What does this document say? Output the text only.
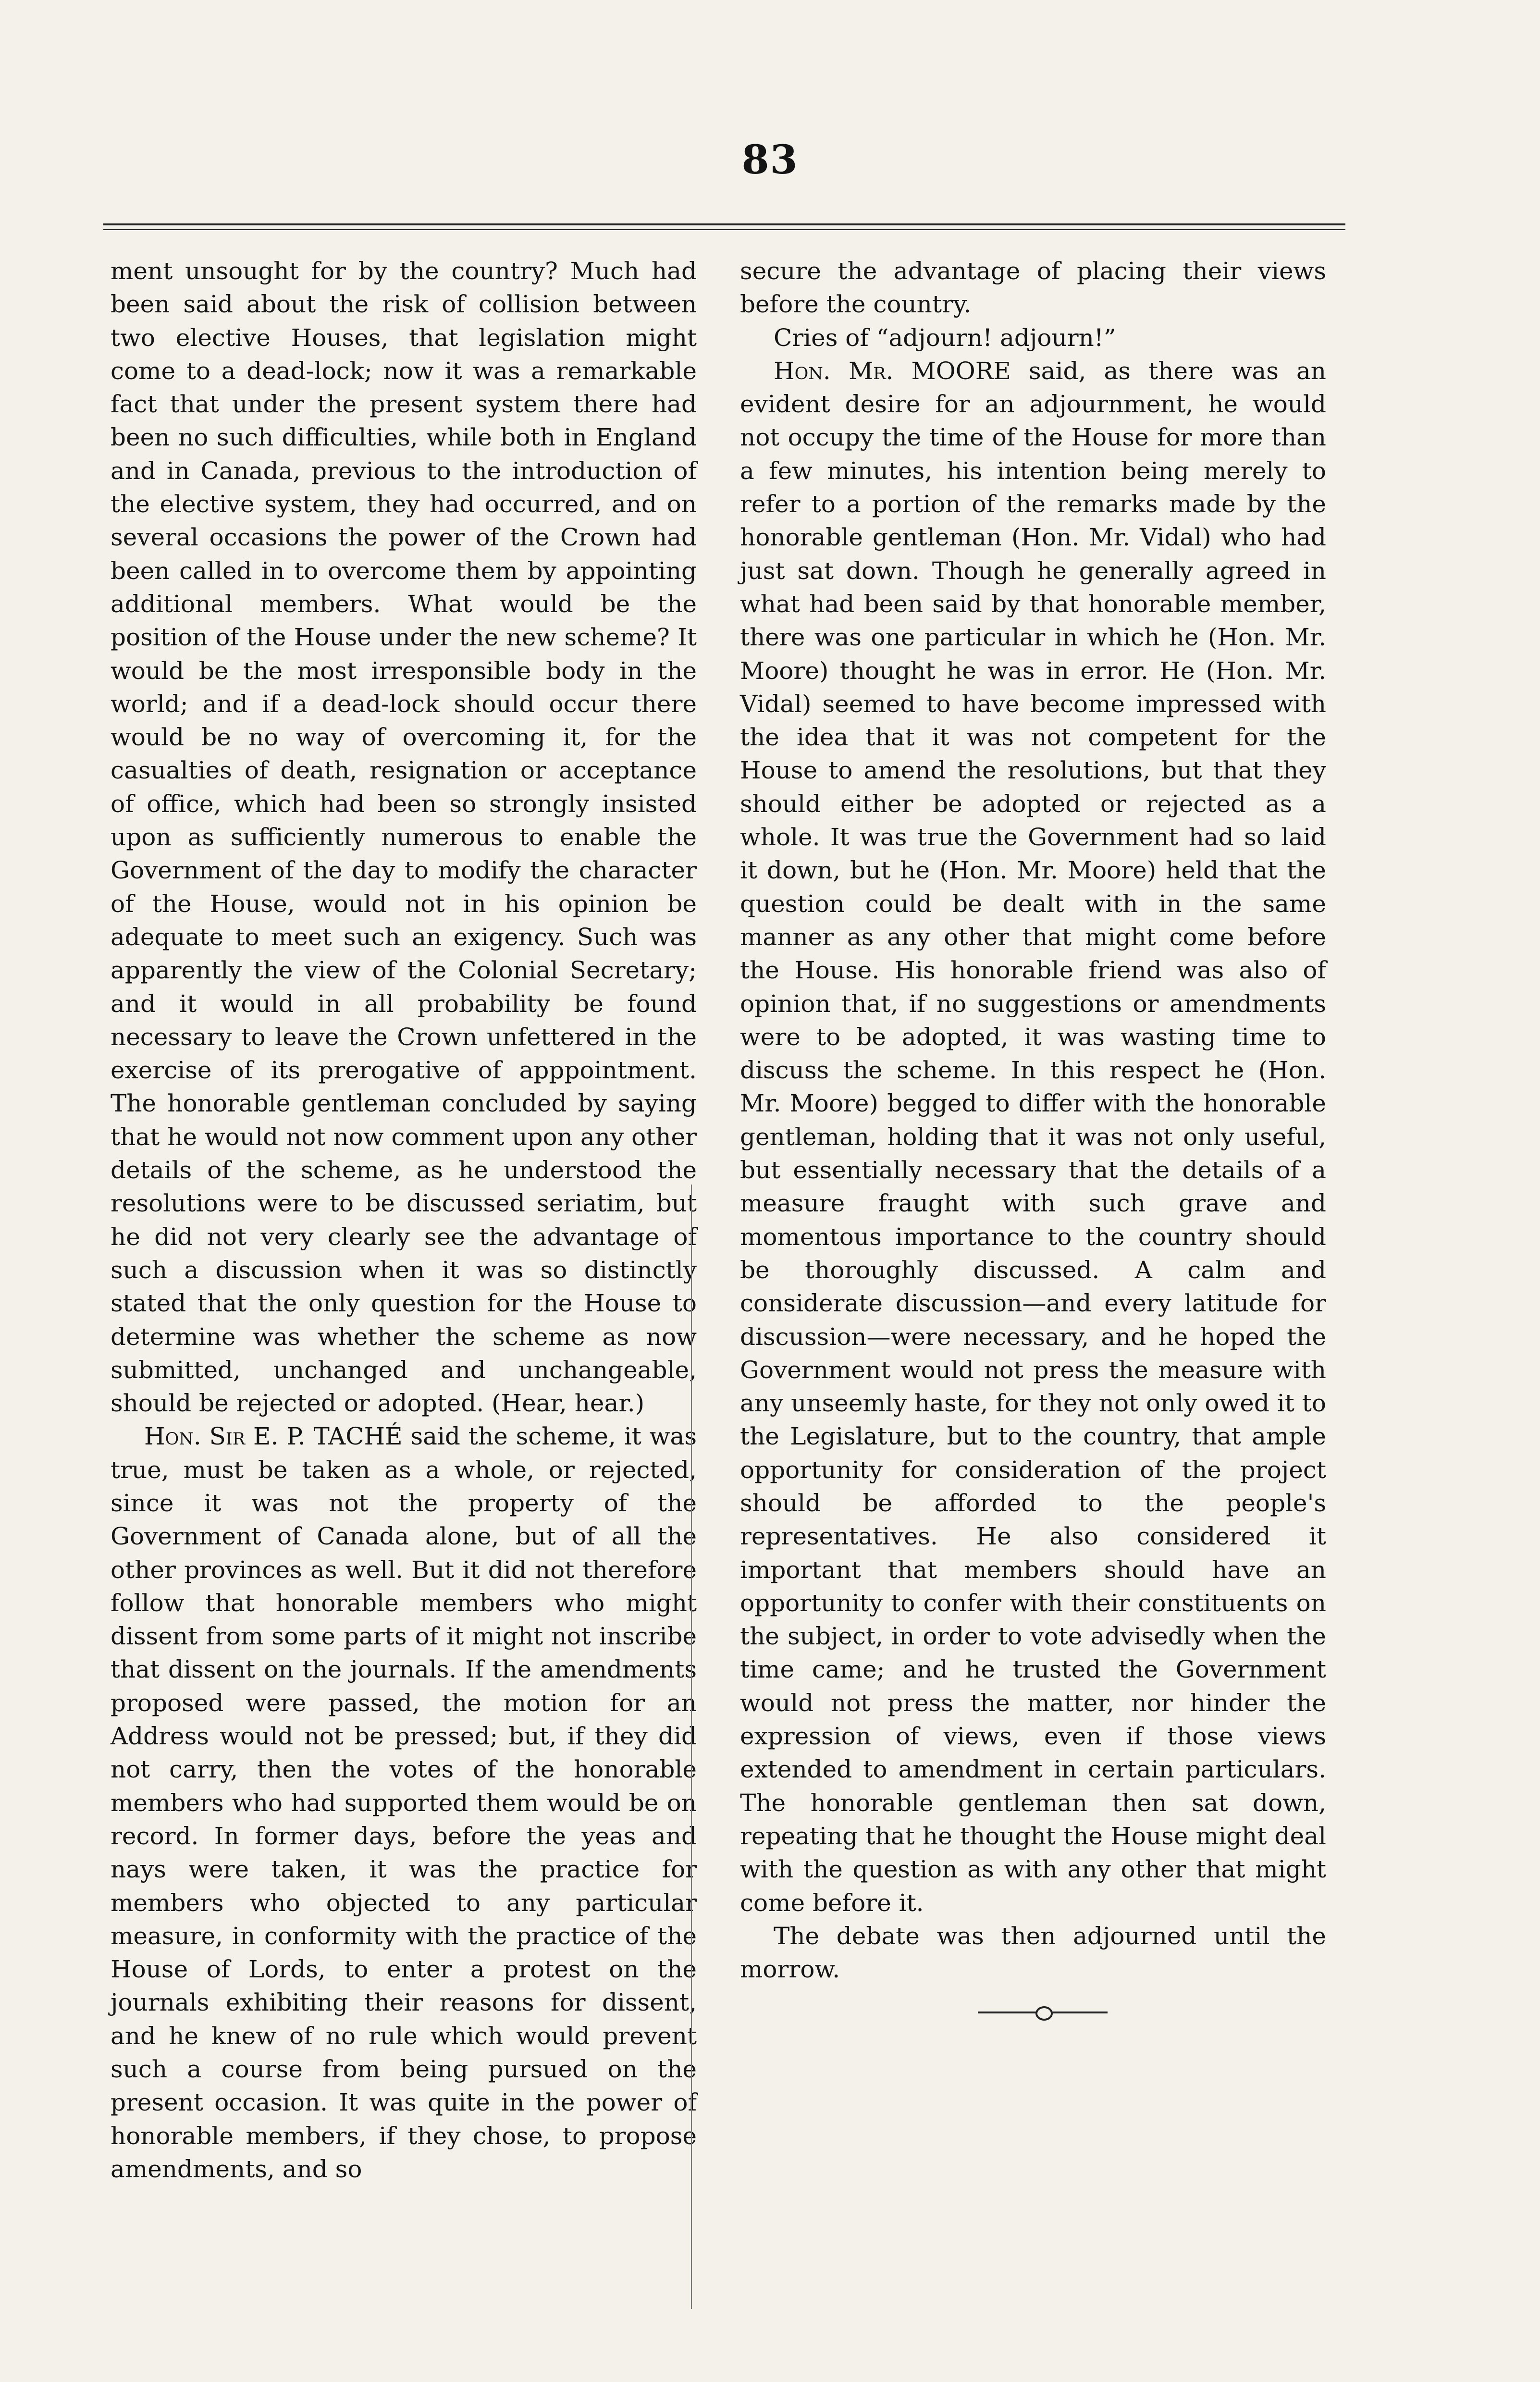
83

ment unsought for by the country? Much had been said about the risk of collision between two elective Houses, that legislation might come to a dead-lock; now it was a remarkable fact that under the present system there had been no such difficulties, while both in England and in Canada, previous to the introduction of the elective system, they had occurred, and on several occasions the power of the Crown had been called in to overcome them by appointing additional members. What would be the position of the House under the new scheme? It would be the most irresponsible body in the world; and if a dead-lock should occur there would be no way of overcoming it, for the casualties of death, resignation or acceptance of office, which had been so strongly insisted upon as sufficiently numerous to enable the Government of the day to modify the character of the House, would not in his opinion be adequate to meet such an exigency. Such was apparently the view of the Colonial Secretary; and it would in all probability be found necessary to leave the Crown unfettered in the exercise of its prerogative of apppointment. The honorable gentleman concluded by saying that he would not now comment upon any other details of the scheme, as he understood the resolutions were to be discussed seriatim, but he did not very clearly see the advantage of such a discussion when it was so distinctly stated that the only question for the House to determine was whether the scheme as now submitted, unchanged and unchangeable, should be rejected or adopted. (Hear, hear.)

Hon. Sir E. P. TACHÉ said the scheme, it was true, must be taken as a whole, or rejected, since it was not the property of the Government of Canada alone, but of all the other provinces as well. But it did not therefore follow that honorable members who might dissent from some parts of it might not inscribe that dissent on the journals. If the amendments proposed were passed, the motion for an Address would not be pressed; but, if they did not carry, then the votes of the honorable members who had supported them would be on record. In former days, before the yeas and nays were taken, it was the practice for members who objected to any particular measure, in conformity with the practice of the House of Lords, to enter a protest on the journals exhibiting their reasons for dissent, and he knew of no rule which would prevent such a course from being pursued on the present occasion. It was quite in the power of honorable members, if they chose, to propose amendments, and so

secure the advantage of placing their views before the country.

Cries of “adjourn! adjourn!”

Hon. Mr. MOORE said, as there was an evident desire for an adjournment, he would not occupy the time of the House for more than a few minutes, his intention being merely to refer to a portion of the remarks made by the honorable gentleman (Hon. Mr. Vidal) who had just sat down. Though he generally agreed in what had been said by that honorable member, there was one particular in which he (Hon. Mr. Moore) thought he was in error. He (Hon. Mr. Vidal) seemed to have become impressed with the idea that it was not competent for the House to amend the resolutions, but that they should either be adopted or rejected as a whole. It was true the Government had so laid it down, but he (Hon. Mr. Moore) held that the question could be dealt with in the same manner as any other that might come before the House. His honorable friend was also of opinion that, if no suggestions or amendments were to be adopted, it was wasting time to discuss the scheme. In this respect he (Hon. Mr. Moore) begged to differ with the honorable gentleman, holding that it was not only useful, but essentially necessary that the details of a measure fraught with such grave and momentous importance to the country should be thoroughly discussed. A calm and considerate discussion—and every latitude for discussion—were necessary, and he hoped the Government would not press the measure with any unseemly haste, for they not only owed it to the Legislature, but to the country, that ample opportunity for consideration of the project should be afforded to the people's representatives. He also considered it important that members should have an opportunity to confer with their constituents on the subject, in order to vote advisedly when the time came; and he trusted the Government would not press the matter, nor hinder the expression of views, even if those views extended to amendment in certain particulars. The honorable gentleman then sat down, repeating that he thought the House might deal with the question as with any other that might come before it.

The debate was then adjourned until the morrow.
